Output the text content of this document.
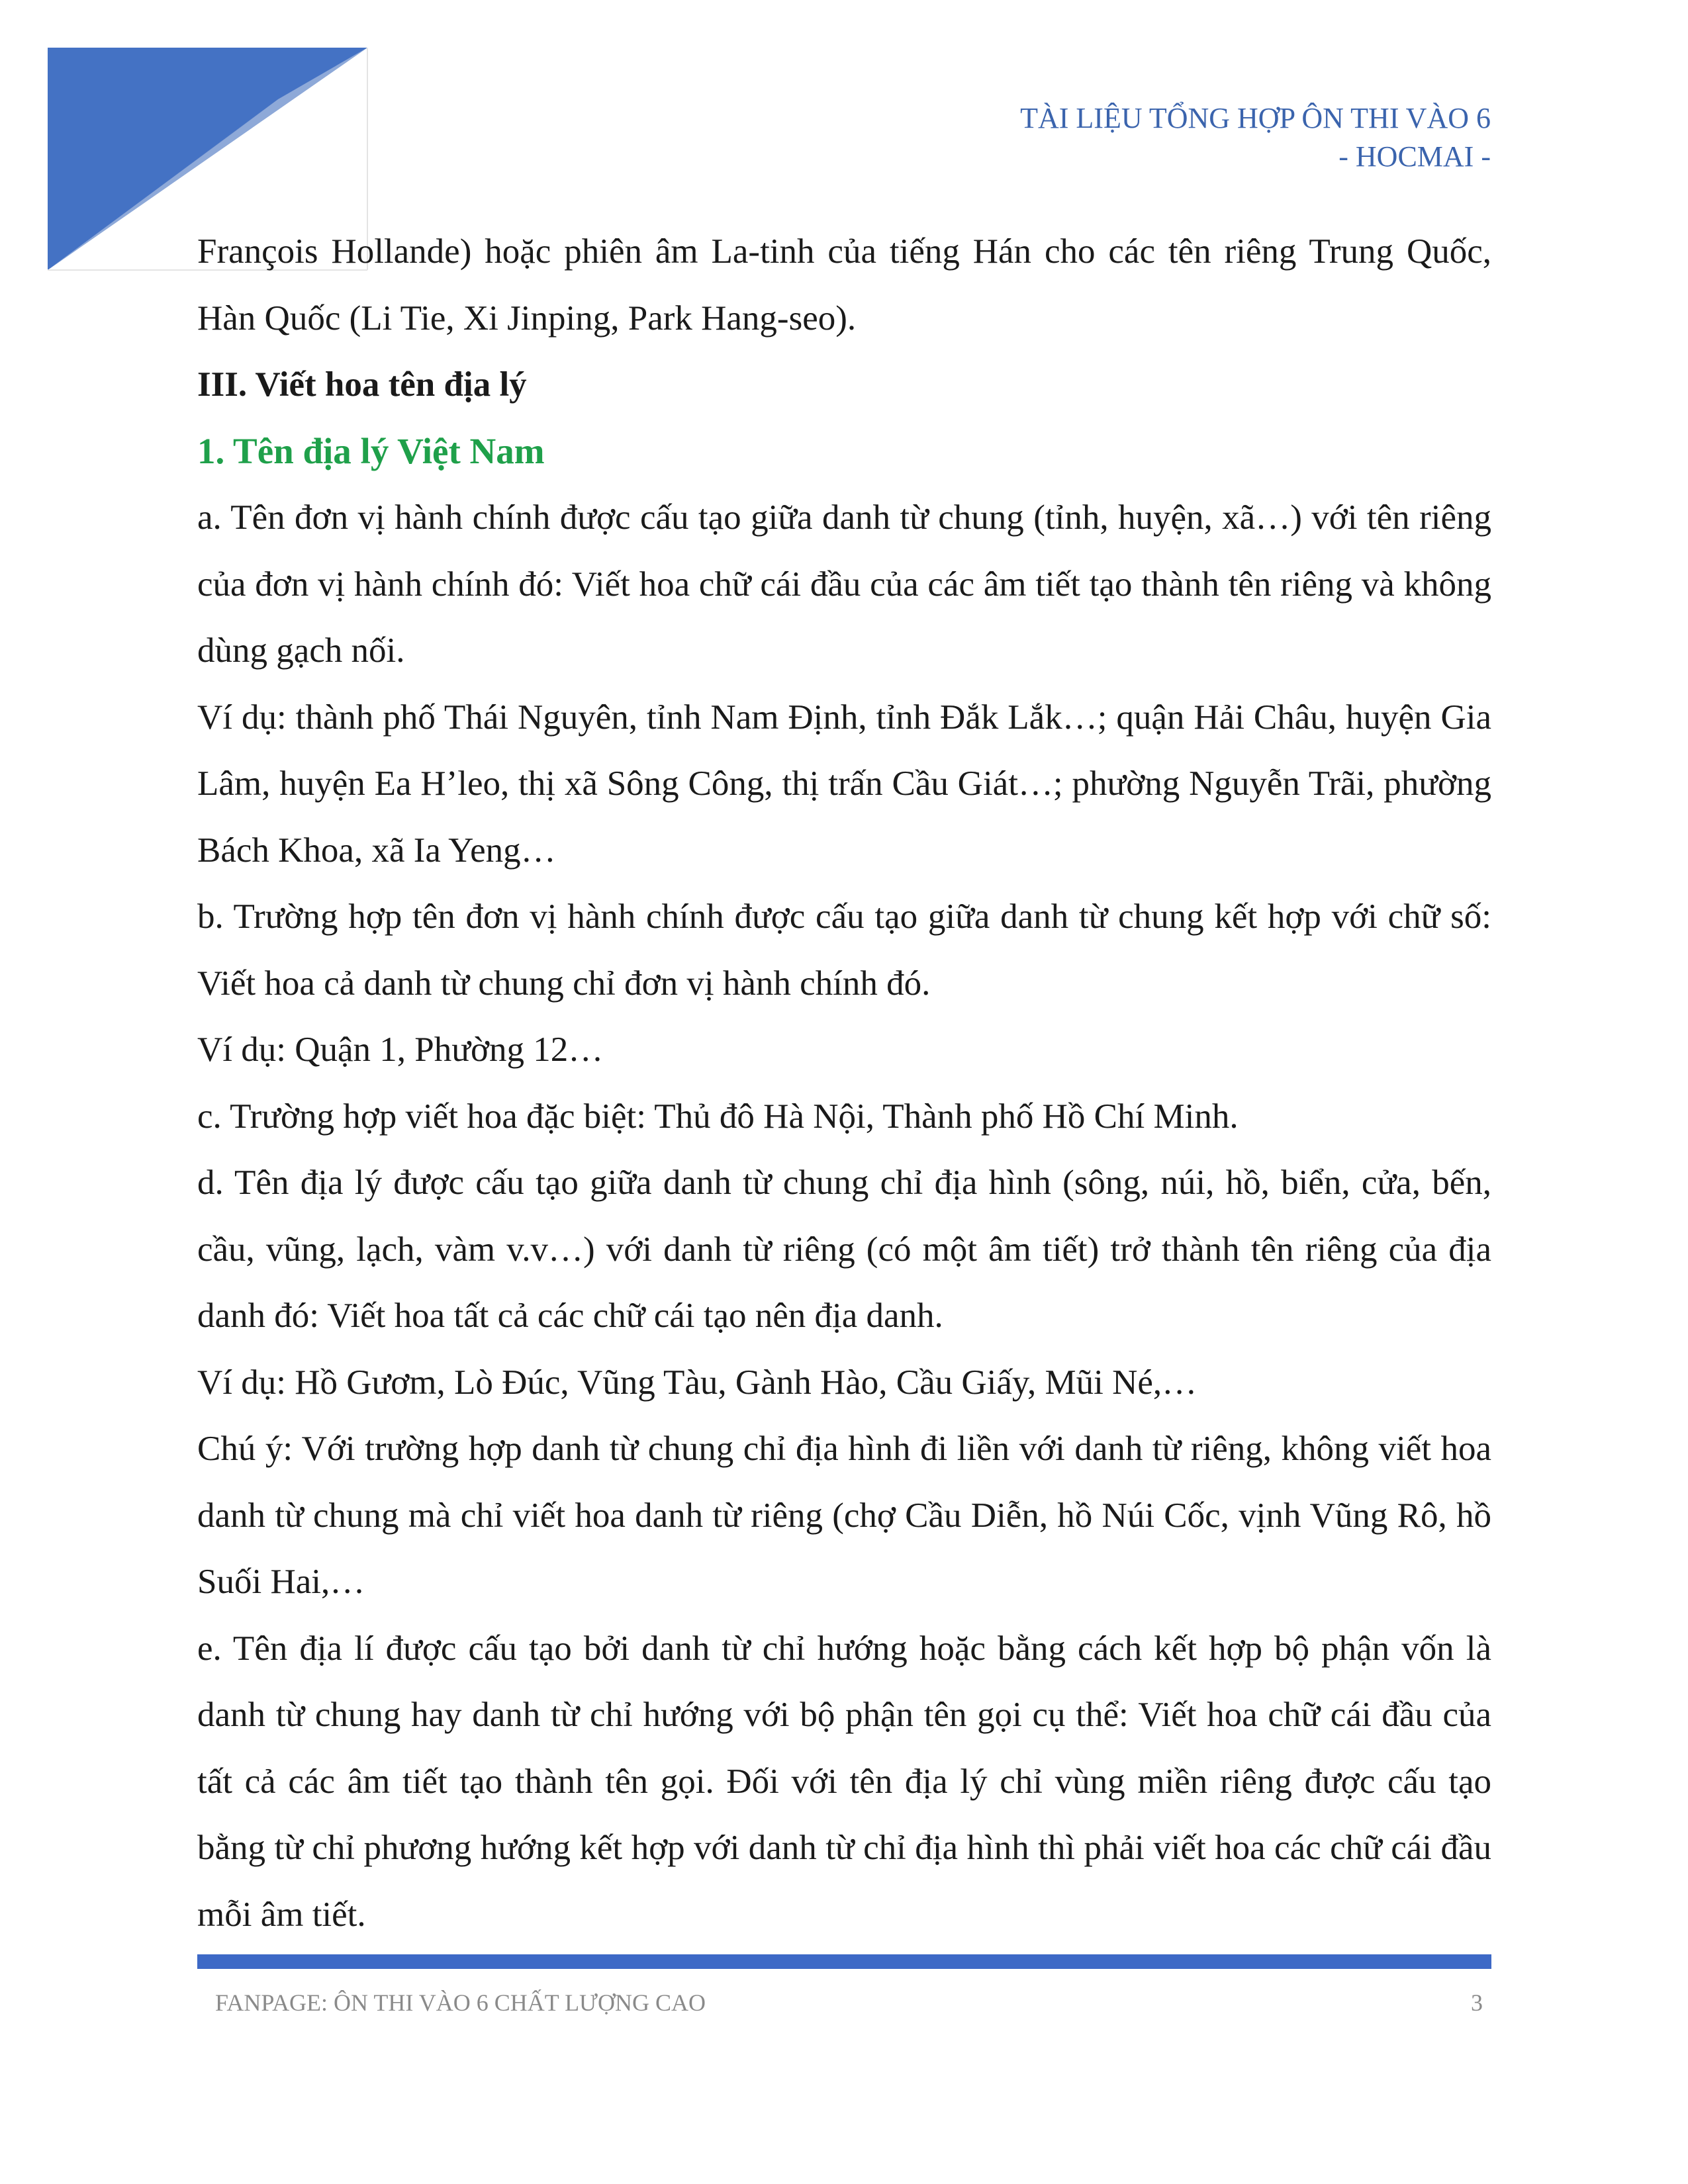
TÀI LIỆU TỔNG HỢP ÔN THI VÀO 6
- HOCMAI -

François Hollande) hoặc phiên âm La-tinh của tiếng Hán cho các tên riêng Trung Quốc, Hàn Quốc (Li Tie, Xi Jinping, Park Hang-seo).

III. Viết hoa tên địa lý

1. Tên địa lý Việt Nam

a. Tên đơn vị hành chính được cấu tạo giữa danh từ chung (tỉnh, huyện, xã…) với tên riêng của đơn vị hành chính đó: Viết hoa chữ cái đầu của các âm tiết tạo thành tên riêng và không dùng gạch nối.

Ví dụ: thành phố Thái Nguyên, tỉnh Nam Định, tỉnh Đắk Lắk…; quận Hải Châu, huyện Gia Lâm, huyện Ea H’leo, thị xã Sông Công, thị trấn Cầu Giát…; phường Nguyễn Trãi, phường Bách Khoa, xã Ia Yeng…

b. Trường hợp tên đơn vị hành chính được cấu tạo giữa danh từ chung kết hợp với chữ số: Viết hoa cả danh từ chung chỉ đơn vị hành chính đó.

Ví dụ: Quận 1, Phường 12…

c. Trường hợp viết hoa đặc biệt: Thủ đô Hà Nội, Thành phố Hồ Chí Minh.

d. Tên địa lý được cấu tạo giữa danh từ chung chỉ địa hình (sông, núi, hồ, biển, cửa, bến, cầu, vũng, lạch, vàm v.v…) với danh từ riêng (có một âm tiết) trở thành tên riêng của địa danh đó: Viết hoa tất cả các chữ cái tạo nên địa danh.

Ví dụ: Hồ Gươm, Lò Đúc, Vũng Tàu, Gành Hào, Cầu Giấy, Mũi Né,…

Chú ý: Với trường hợp danh từ chung chỉ địa hình đi liền với danh từ riêng, không viết hoa danh từ chung mà chỉ viết hoa danh từ riêng (chợ Cầu Diễn, hồ Núi Cốc, vịnh Vũng Rô, hồ Suối Hai,…

e. Tên địa lí được cấu tạo bởi danh từ chỉ hướng hoặc bằng cách kết hợp bộ phận vốn là danh từ chung hay danh từ chỉ hướng với bộ phận tên gọi cụ thể: Viết hoa chữ cái đầu của tất cả các âm tiết tạo thành tên gọi. Đối với tên địa lý chỉ vùng miền riêng được cấu tạo bằng từ chỉ phương hướng kết hợp với danh từ chỉ địa hình thì phải viết hoa các chữ cái đầu mỗi âm tiết.

FANPAGE: ÔN THI VÀO 6 CHẤT LƯỢNG CAO	3
